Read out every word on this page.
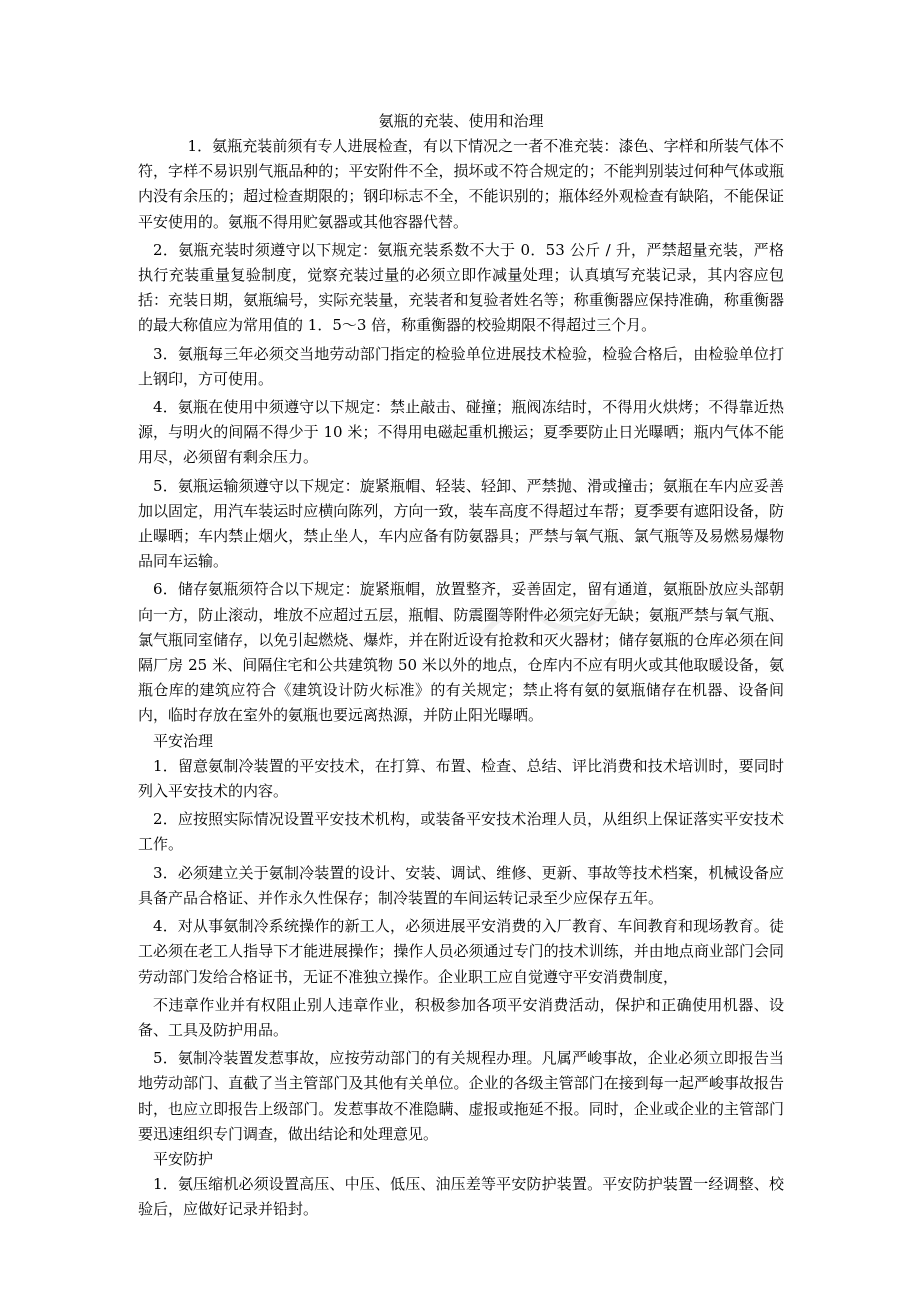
氨瓶的充装、使用和治理

1．氨瓶充装前须有专人进展检查，有以下情况之一者不准充装：漆色、字样和所装气体不符，字样不易识别气瓶品种的；平安附件不全，损坏或不符合规定的；不能判别装过何种气体或瓶内没有余压的；超过检查期限的；钢印标志不全，不能识别的；瓶体经外观检查有缺陷，不能保证平安使用的。氨瓶不得用贮氨器或其他容器代替。

2．氨瓶充装时须遵守以下规定：氨瓶充装系数不大于 0．53 公斤 / 升，严禁超量充装，严格执行充装重量复验制度，觉察充装过量的必须立即作减量处理；认真填写充装记录，其内容应包括：充装日期，氨瓶编号，实际充装量，充装者和复验者姓名等；称重衡器应保持准确，称重衡器的最大称值应为常用值的 1．5～3 倍，称重衡器的校验期限不得超过三个月。

3．氨瓶每三年必须交当地劳动部门指定的检验单位进展技术检验，检验合格后，由检验单位打上钢印，方可使用。

4．氨瓶在使用中须遵守以下规定：禁止敲击、碰撞；瓶阀冻结时，不得用火烘烤；不得靠近热源，与明火的间隔不得少于 10 米；不得用电磁起重机搬运；夏季要防止日光曝晒；瓶内气体不能用尽，必须留有剩余压力。

5．氨瓶运输须遵守以下规定：旋紧瓶帽、轻装、轻卸、严禁抛、滑或撞击；氨瓶在车内应妥善加以固定，用汽车装运时应横向陈列，方向一致，装车高度不得超过车帮；夏季要有遮阳设备，防止曝晒；车内禁止烟火，禁止坐人，车内应备有防氨器具；严禁与氧气瓶、氯气瓶等及易燃易爆物品同车运输。

6．储存氨瓶须符合以下规定：旋紧瓶帽，放置整齐，妥善固定，留有通道，氨瓶卧放应头部朝向一方，防止滚动，堆放不应超过五层，瓶帽、防震圈等附件必须完好无缺；氨瓶严禁与氧气瓶、氯气瓶同室储存，以免引起燃烧、爆炸，并在附近设有抢救和灭火器材；储存氨瓶的仓库必须在间隔厂房 25 米、间隔住宅和公共建筑物 50 米以外的地点，仓库内不应有明火或其他取暖设备，氨瓶仓库的建筑应符合《建筑设计防火标准》的有关规定；禁止将有氨的氨瓶储存在机器、设备间内，临时存放在室外的氨瓶也要远离热源，并防止阳光曝晒。

平安治理

1．留意氨制冷装置的平安技术，在打算、布置、检查、总结、评比消费和技术培训时，要同时列入平安技术的内容。

2．应按照实际情况设置平安技术机构，或装备平安技术治理人员，从组织上保证落实平安技术工作。

3．必须建立关于氨制冷装置的设计、安装、调试、维修、更新、事故等技术档案，机械设备应具备产品合格证、并作永久性保存；制冷装置的车间运转记录至少应保存五年。

4．对从事氨制冷系统操作的新工人，必须进展平安消费的入厂教育、车间教育和现场教育。徒工必须在老工人指导下才能进展操作；操作人员必须通过专门的技术训练，并由地点商业部门会同劳动部门发给合格证书，无证不准独立操作。企业职工应自觉遵守平安消费制度，

不违章作业并有权阻止别人违章作业，积极参加各项平安消费活动，保护和正确使用机器、设备、工具及防护用品。

5．氨制冷装置发惹事故，应按劳动部门的有关规程办理。凡属严峻事故，企业必须立即报告当地劳动部门、直截了当主管部门及其他有关单位。企业的各级主管部门在接到每一起严峻事故报告时，也应立即报告上级部门。发惹事故不准隐瞒、虚报或拖延不报。同时，企业或企业的主管部门要迅速组织专门调查，做出结论和处理意见。

平安防护

1．氨压缩机必须设置高压、中压、低压、油压差等平安防护装置。平安防护装置一经调整、校验后，应做好记录并铅封。
